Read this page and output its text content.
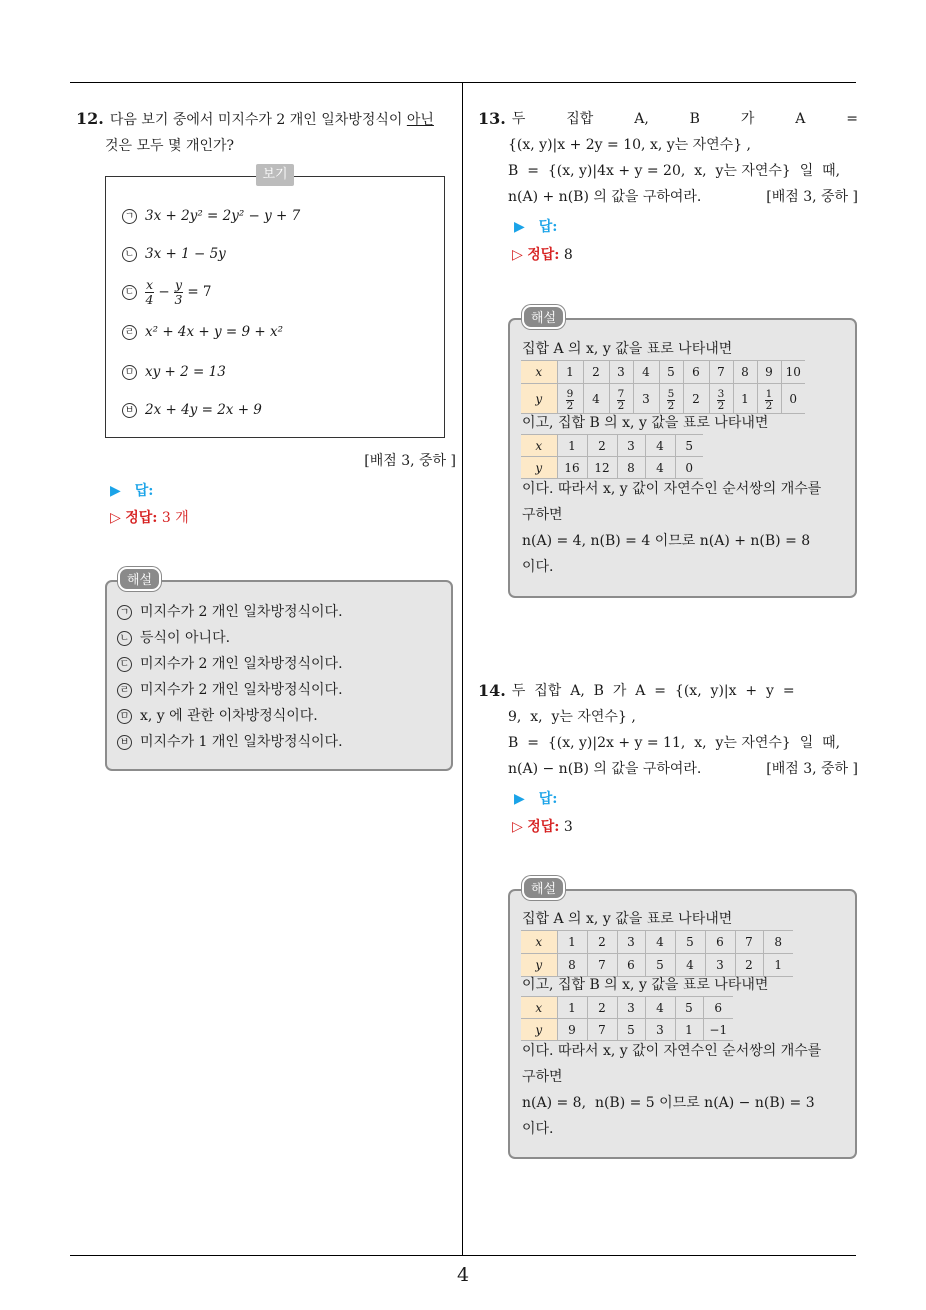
12. 다음 보기 중에서 미지수가 2 개인 일차방정식이 아닌
것은 모두 몇 개인가?
보기
ㄱ 3x + 2y² = 2y² − y + 7
ㄴ 3x + 1 − 5y
ㄷ $\frac{x}{4} - \frac{y}{3} = 7$
ㄹ x² + 4x + y = 9 + x²
ㅁ xy + 2 = 13
ㅂ 2x + 4y = 2x + 9
[배점 3, 중하 ]
▶ 답:
▷ 정답: 3 개
해설
ㄱ 미지수가 2 개인 일차방정식이다.
ㄴ 등식이 아니다.
ㄷ 미지수가 2 개인 일차방정식이다.
ㄹ 미지수가 2 개인 일차방정식이다.
ㅁ x, y 에 관한 이차방정식이다.
ㅂ 미지수가 1 개인 일차방정식이다.
13. 두   집합   A,   B   가   A   =
{(x, y)|x + 2y = 10, x, y는 자연수} ,
B  =  {(x, y)|4x + y = 20,  x,  y는 자연수}  일  때,
n(A) + n(B) 의 값을 구하여라.	[배점 3, 중하 ]
▶ 답:
▷ 정답: 8
해설
집합 A 의 x, y 값을 표로 나타내면
x	1	2	3	4	5	6	7	8	9	10
y	$\frac{9}{2}$	4	$\frac{7}{2}$	3	$\frac{5}{2}$	2	$\frac{3}{2}$	1	$\frac{1}{2}$	0
이고, 집합 B 의 x, y 값을 표로 나타내면
x	1	2	3	4	5
y	16	12	8	4	0
이다. 따라서 x, y 값이 자연수인 순서쌍의 개수를
구하면
n(A) = 4, n(B) = 4 이므로 n(A) + n(B) = 8
이다.
14. 두  집합  A,  B  가  A  =  {(x,  y)|x  +  y  =
9,  x,  y는 자연수} ,
B  =  {(x, y)|2x + y = 11,  x,  y는 자연수}  일  때,
n(A) − n(B) 의 값을 구하여라.	[배점 3, 중하 ]
▶ 답:
▷ 정답: 3
해설
집합 A 의 x, y 값을 표로 나타내면
x	1	2	3	4	5	6	7	8
y	8	7	6	5	4	3	2	1
이고, 집합 B 의 x, y 값을 표로 나타내면
x	1	2	3	4	5	6
y	9	7	5	3	1	−1
이다. 따라서 x, y 값이 자연수인 순서쌍의 개수를
구하면
n(A) = 8,  n(B) = 5 이므로 n(A) − n(B) = 3
이다.
4
